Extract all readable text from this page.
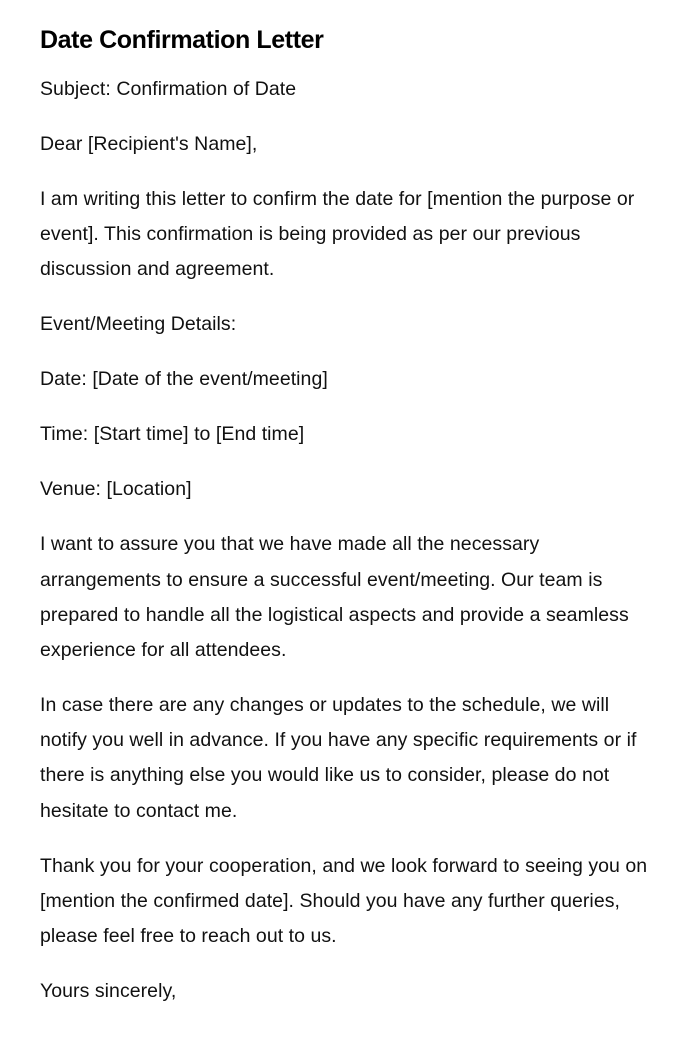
Date Confirmation Letter

Subject: Confirmation of Date

Dear [Recipient's Name],

I am writing this letter to confirm the date for [mention the purpose or event]. This confirmation is being provided as per our previous discussion and agreement.

Event/Meeting Details:

Date: [Date of the event/meeting]

Time: [Start time] to [End time]

Venue: [Location]

I want to assure you that we have made all the necessary arrangements to ensure a successful event/meeting. Our team is prepared to handle all the logistical aspects and provide a seamless experience for all attendees.

In case there are any changes or updates to the schedule, we will notify you well in advance. If you have any specific requirements or if there is anything else you would like us to consider, please do not hesitate to contact me.

Thank you for your cooperation, and we look forward to seeing you on [mention the confirmed date]. Should you have any further queries, please feel free to reach out to us.

Yours sincerely,
